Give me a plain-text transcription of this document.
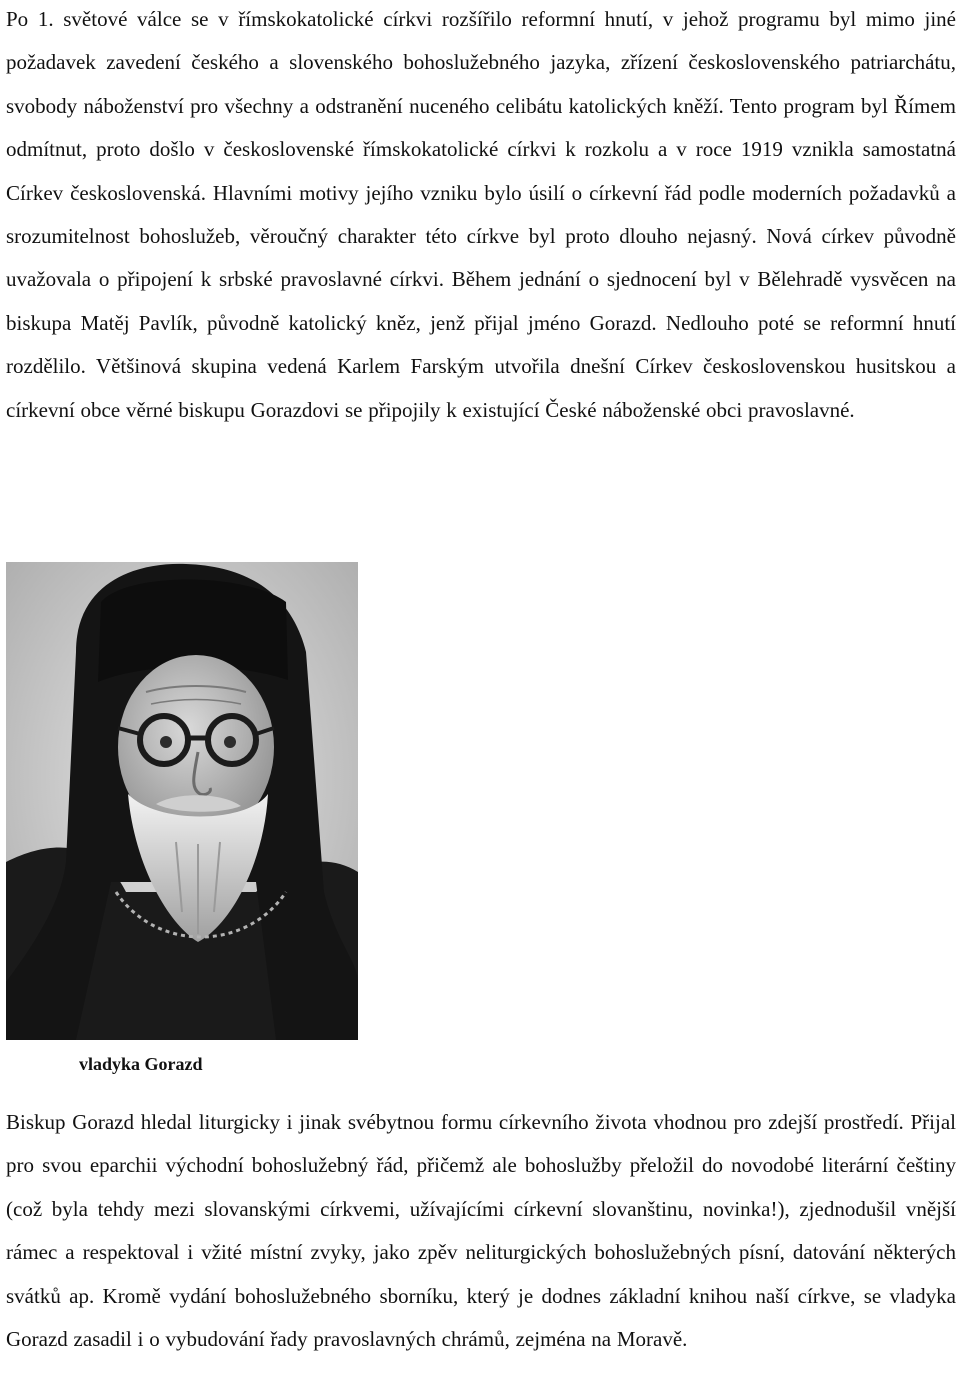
Po 1. světové válce se v římskokatolické církvi rozšířilo reformní hnutí, v jehož programu byl mimo jiné požadavek zavedení českého a slovenského bohoslužebného jazyka, zřízení československého patriarchátu, svobody náboženství pro všechny a odstranění nuceného celibátu katolických kněží. Tento program byl Římem odmítnut, proto došlo v československé římskokatolické církvi k rozkolu a v roce 1919 vznikla samostatná Církev československá. Hlavními motivy jejího vzniku bylo úsilí o církevní řád podle moderních požadavků a srozumitelnost bohoslužeb, věroučný charakter této církve byl proto dlouho nejasný. Nová církev původně uvažovala o připojení k srbské pravoslavné církvi. Během jednání o sjednocení byl v Bělehradě vysvěcen na biskupa Matěj Pavlík, původně katolický kněz, jenž přijal jméno Gorazd. Nedlouho poté se reformní hnutí rozdělilo. Většinová skupina vedená Karlem Farským utvořila dnešní Církev československou husitskou a církevní obce věrné biskupu Gorazdovi se připojily k existující České náboženské obci pravoslavné.

vladyka Gorazd

Biskup Gorazd hledal liturgicky i jinak svébytnou formu církevního života vhodnou pro zdejší prostředí. Přijal pro svou eparchii východní bohoslužebný řád, přičemž ale bohoslužby přeložil do novodobé literární češtiny (což byla tehdy mezi slovanskými církvemi, užívajícími církevní slovanštinu, novinka!), zjednodušil vnější rámec a respektoval i vžité místní zvyky, jako zpěv neliturgických bohoslužebných písní, datování některých svátků ap. Kromě vydání bohoslužebného sborníku, který je dodnes základní knihou naší církve, se vladyka Gorazd zasadil i o vybudování řady pravoslavných chrámů, zejména na Moravě.
